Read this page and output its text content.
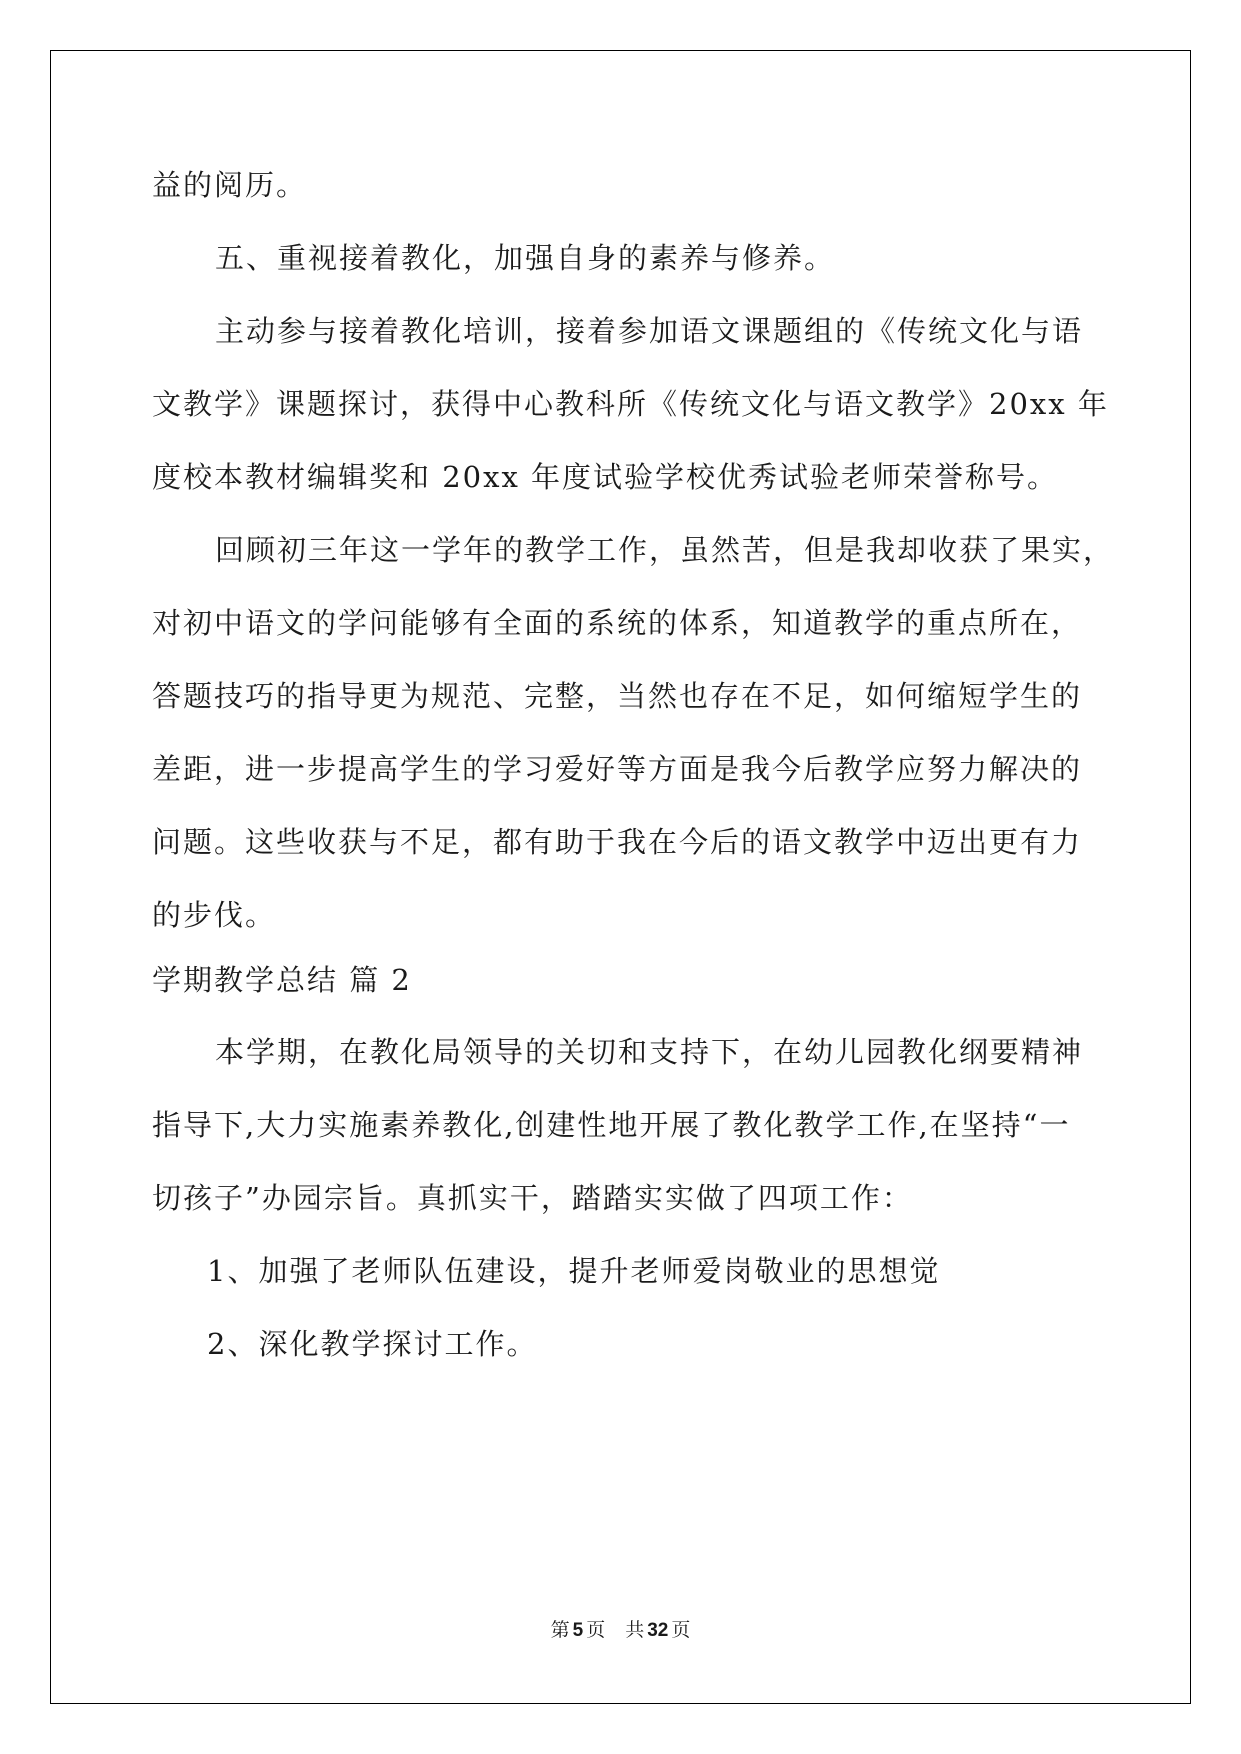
益的阅历。
五、重视接着教化，加强自身的素养与修养。
主动参与接着教化培训，接着参加语文课题组的《传统文化与语
文教学》课题探讨，获得中心教科所《传统文化与语文教学》20xx 年
度校本教材编辑奖和 20xx 年度试验学校优秀试验老师荣誉称号。
回顾初三年这一学年的教学工作，虽然苦，但是我却收获了果实，
对初中语文的学问能够有全面的系统的体系，知道教学的重点所在，
答题技巧的指导更为规范、完整，当然也存在不足，如何缩短学生的
差距，进一步提高学生的学习爱好等方面是我今后教学应努力解决的
问题。这些收获与不足，都有助于我在今后的语文教学中迈出更有力
的步伐。
学期教学总结 篇 2
本学期，在教化局领导的关切和支持下，在幼儿园教化纲要精神
指导下,大力实施素养教化,创建性地开展了教化教学工作,在坚持“一
切孩子”办园宗旨。真抓实干，踏踏实实做了四项工作：
1、加强了老师队伍建设，提升老师爱岗敬业的思想觉
2、深化教学探讨工作。
第 5 页 共 32 页
